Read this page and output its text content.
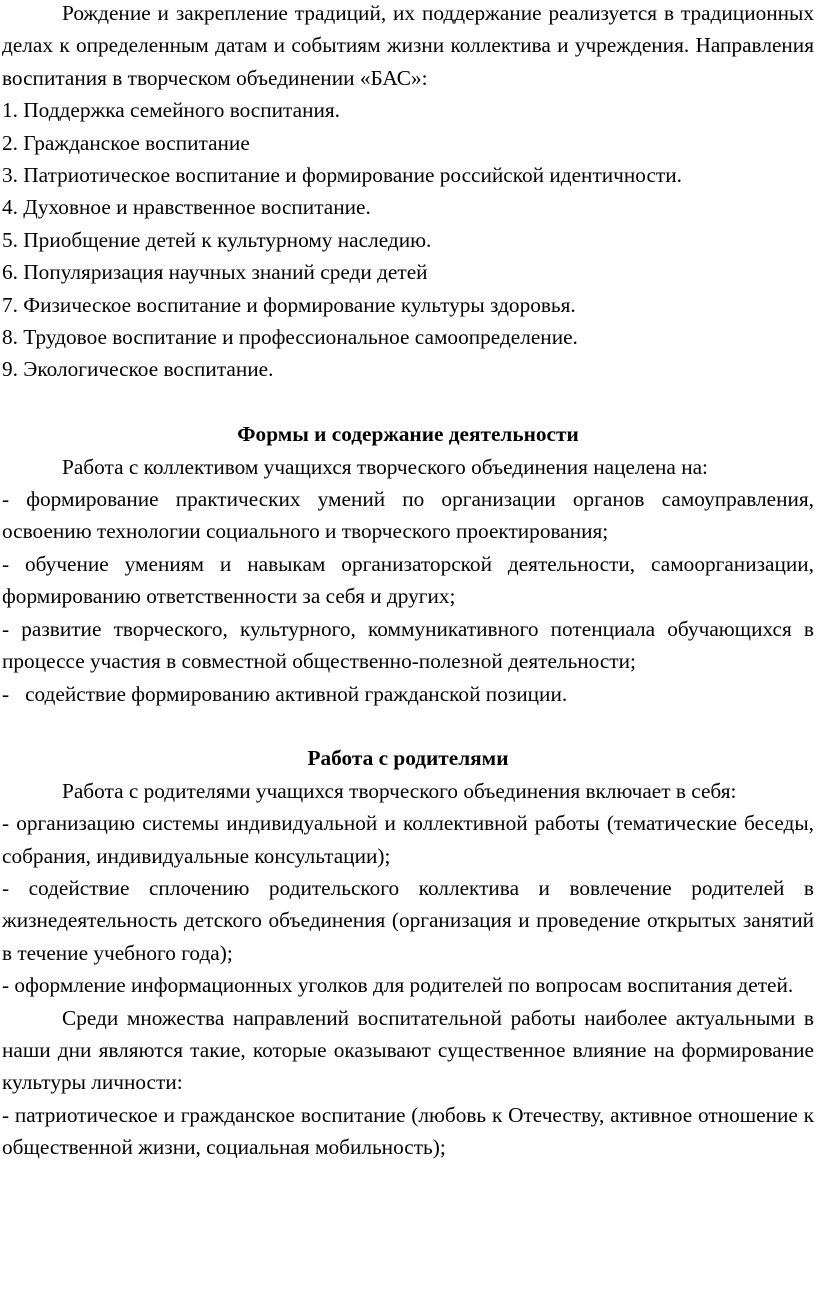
Рождение и закрепление традиций, их поддержание реализуется в традиционных делах к определенным датам и событиям жизни коллектива и учреждения. Направления воспитания в творческом объединении «БАС»:

1. Поддержка семейного воспитания.

2. Гражданское воспитание

3. Патриотическое воспитание и формирование российской идентичности.

4. Духовное и нравственное воспитание.

5. Приобщение детей к культурному наследию.

6. Популяризация научных знаний среди детей

7. Физическое воспитание и формирование культуры здоровья.

8. Трудовое воспитание и профессиональное самоопределение.

9. Экологическое воспитание.

Формы и содержание деятельности

Работа с коллективом учащихся творческого объединения нацелена на:

- формирование практических умений по организации органов самоуправления, освоению технологии социального и творческого проектирования;

- обучение умениям и навыкам организаторской деятельности, самоорганизации, формированию ответственности за себя и других;

- развитие творческого, культурного, коммуникативного потенциала обучающихся в процессе участия в совместной общественно-полезной деятельности;

-   содействие формированию активной гражданской позиции.

Работа с родителями

Работа с родителями учащихся творческого объединения включает в себя:

- организацию системы индивидуальной и коллективной работы (тематические беседы, собрания, индивидуальные консультации);

- содействие сплочению родительского коллектива и вовлечение родителей в жизнедеятельность детского объединения (организация и проведение открытых занятий в течение учебного года);

- оформление информационных уголков для родителей по вопросам воспитания детей.

Среди множества направлений воспитательной работы наиболее актуальными в наши дни являются такие, которые оказывают существенное влияние на формирование культуры личности:

- патриотическое и гражданское воспитание (любовь к Отечеству, активное отношение к общественной жизни, социальная мобильность);
